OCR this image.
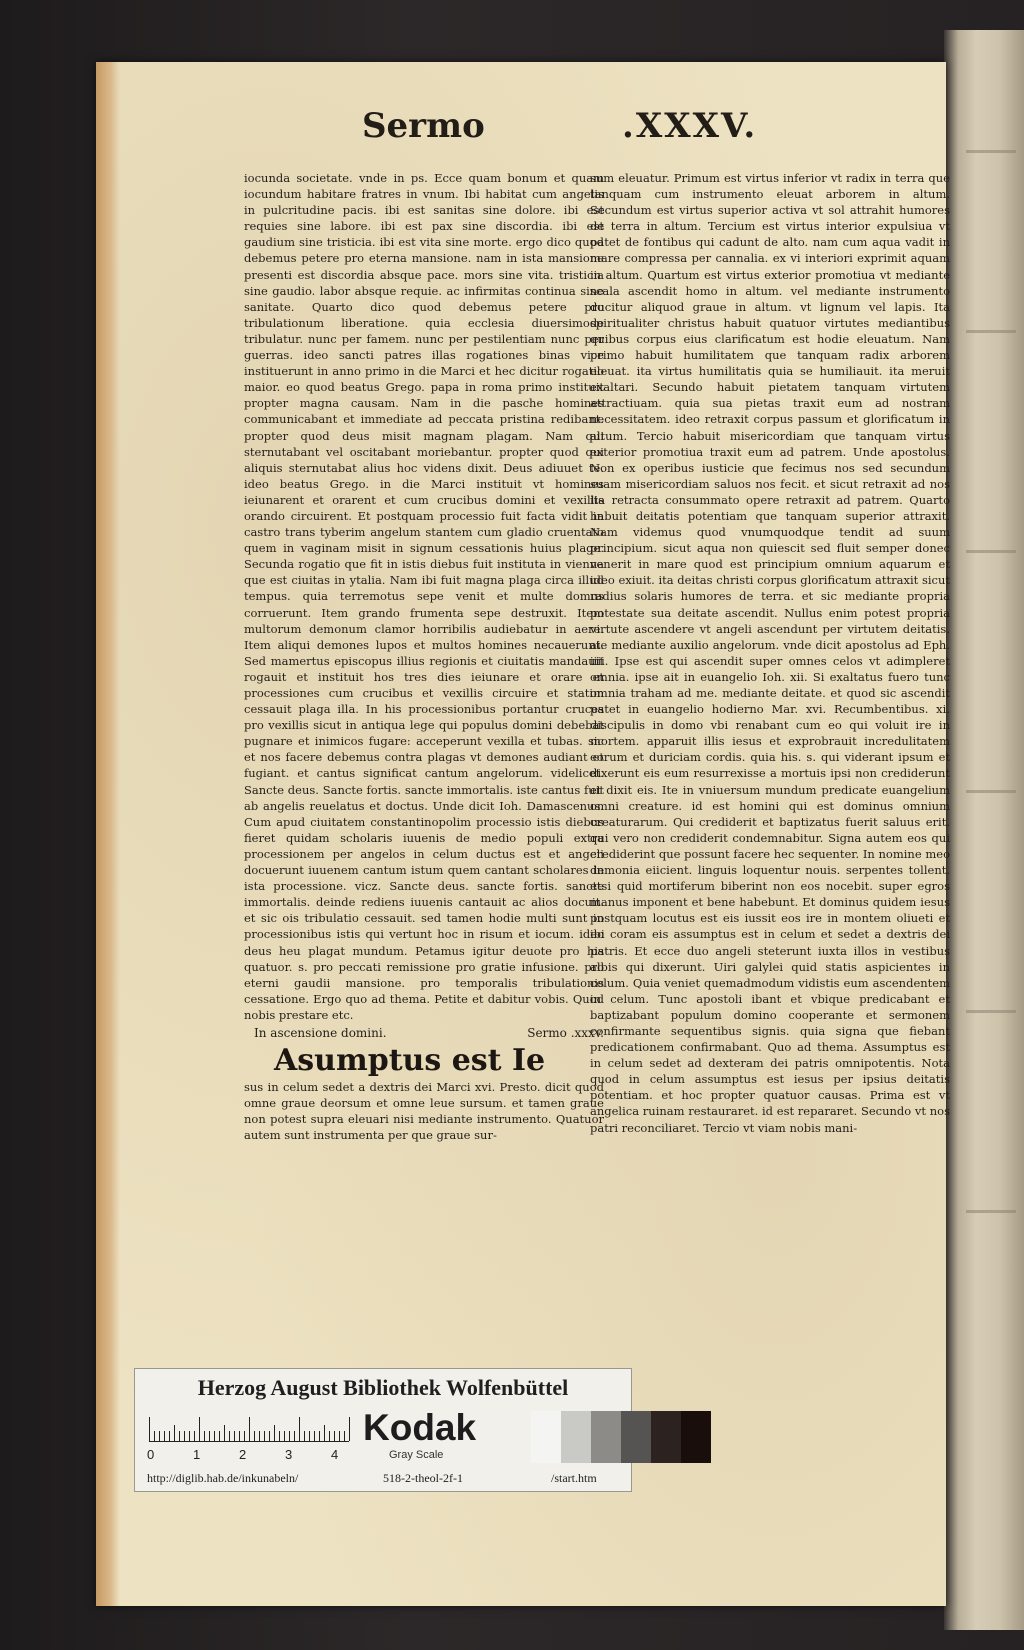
Sermo	.XXXV.

iocunda societate. vnde in ps. Ecce quam bonum et quam iocundum habitare fratres in vnum. Ibi habitat cum angelis in pulcritudine pacis. ibi est sanitas sine dolore. ibi est requies sine labore. ibi est pax sine discordia. ibi est gaudium sine tristicia. ibi est vita sine morte. ergo dico quod debemus petere pro eterna mansione. nam in ista mansione presenti est discordia absque pace. mors sine vita. tristicia sine gaudio. labor absque requie. ac infirmitas continua sine sanitate. Quarto dico quod debemus petere pro tribulationum liberatione. quia ecclesia diuersimode tribulatur. nunc per famem. nunc per pestilentiam nunc per guerras. ideo sancti patres illas rogationes binas vice instituerunt in anno primo in die Marci et hec dicitur rogatio maior. eo quod beatus Grego. papa in roma primo instituit propter magna causam. Nam in die pasche homines communicabant et immediate ad peccata pristina redibant. propter quod deus misit magnam plagam. Nam qui sternutabant vel oscitabant moriebantur. propter quod qui aliquis sternutabat alius hoc videns dixit. Deus adiuuet te. ideo beatus Grego. in die Marci instituit vt homines ieiunarent et orarent et cum crucibus domini et vexillis orando circuirent. Et postquam processio fuit facta vidit in castro trans tyberim angelum stantem cum gladio cruentato quem in vaginam misit in signum cessationis huius plage. Secunda rogatio que fit in istis diebus fuit instituta in vienna que est ciuitas in ytalia. Nam ibi fuit magna plaga circa illud tempus. quia terremotus sepe venit et multe domus corruerunt. Item grando frumenta sepe destruxit. Item multorum demonum clamor horribilis audiebatur in aere. Item aliqui demones lupos et multos homines necauerunt. Sed mamertus episcopus illius regionis et ciuitatis mandauit rogauit et instituit hos tres dies ieiunare et orare et processiones cum crucibus et vexillis circuire et statim cessauit plaga illa. In his processionibus portantur cruces pro vexillis sicut in antiqua lege qui populus domini debebat pugnare et inimicos fugare: acceperunt vexilla et tubas. sic et nos facere debemus contra plagas vt demones audiant et fugiant. et cantus significat cantum angelorum. videlicet. Sancte deus. Sancte fortis. sancte immortalis. iste cantus fuit ab angelis reuelatus et doctus. Unde dicit Ioh. Damascenus. Cum apud ciuitatem constantinopolim processio istis diebus fieret quidam scholaris iuuenis de medio populi extra processionem per angelos in celum ductus est et angeli docuerunt iuuenem cantum istum quem cantant scholares in ista processione. vicz. Sancte deus. sancte fortis. sancte immortalis. deinde rediens iuuenis cantauit ac alios docuit. et sic ois tribulatio cessauit. sed tamen hodie multi sunt in processionibus istis qui vertunt hoc in risum et iocum. ideo deus heu plagat mundum. Petamus igitur deuote pro his quatuor. s. pro peccati remissione pro gratie infusione. pro eterni gaudii mansione. pro temporalis tribulationis cessatione. Ergo quo ad thema. Petite et dabitur vobis. Quod nobis prestare etc.

In ascensione domini.	Sermo .xxxv.
Asumptus est Ie

sus in celum sedet a dextris dei Marci xvi. Presto. dicit quod omne graue deorsum et omne leue sursum. et tamen graue non potest supra eleuari nisi mediante instrumento. Quatuor autem sunt instrumenta per que graue sur-

sum eleuatur. Primum est virtus inferior vt radix in terra que tanquam cum instrumento eleuat arborem in altum. Secundum est virtus superior activa vt sol attrahit humores de terra in altum. Tercium est virtus interior expulsiua vt patet de fontibus qui cadunt de alto. nam cum aqua vadit in mare compressa per cannalia. ex vi interiori exprimit aquam in altum. Quartum est virtus exterior promotiua vt mediante scala ascendit homo in altum. vel mediante instrumento ducitur aliquod graue in altum. vt lignum vel lapis. Ita spiritualiter christus habuit quatuor virtutes mediantibus quibus corpus eius clarificatum est hodie eleuatum. Nam primo habuit humilitatem que tanquam radix arborem eleuat. ita virtus humilitatis quia se humiliauit. ita meruit exaltari. Secundo habuit pietatem tanquam virtutem attractiuam. quia sua pietas traxit eum ad nostram necessitatem. ideo retraxit corpus passum et glorificatum in altum. Tercio habuit misericordiam que tanquam virtus exterior promotiua traxit eum ad patrem. Unde apostolus. Non ex operibus iusticie que fecimus nos sed secundum suam misericordiam saluos nos fecit. et sicut retraxit ad nos ita retracta consummato opere retraxit ad patrem. Quarto habuit deitatis potentiam que tanquam superior attraxit. Nam videmus quod vnumquodque tendit ad suum principium. sicut aqua non quiescit sed fluit semper donec venerit in mare quod est principium omnium aquarum et ideo exiuit. ita deitas christi corpus glorificatum attraxit sicut radius solaris humores de terra. et sic mediante propria potestate sua deitate ascendit. Nullus enim potest propria virtute ascendere vt angeli ascendunt per virtutem deitatis. aie mediante auxilio angelorum. vnde dicit apostolus ad Eph. iiii. Ipse est qui ascendit super omnes celos vt adimpleret omnia. ipse ait in euangelio Ioh. xii. Si exaltatus fuero tunc omnia traham ad me. mediante deitate. et quod sic ascendit patet in euangelio hodierno Mar. xvi. Recumbentibus. xi. discipulis in domo vbi renabant cum eo qui voluit ire in mortem. apparuit illis iesus et exprobrauit incredulitatem eorum et duriciam cordis. quia his. s. qui viderant ipsum et dixerunt eis eum resurrexisse a mortuis ipsi non crediderunt et dixit eis. Ite in vniuersum mundum predicate euangelium omni creature. id est homini qui est dominus omnium creaturarum. Qui crediderit et baptizatus fuerit saluus erit. qui vero non crediderit condemnabitur. Signa autem eos qui crediderint que possunt facere hec sequenter. In nomine meo demonia eiicient. linguis loquentur nouis. serpentes tollent. etsi quid mortiferum biberint non eos nocebit. super egros manus imponent et bene habebunt. Et dominus quidem iesus postquam locutus est eis iussit eos ire in montem oliueti et ibi coram eis assumptus est in celum et sedet a dextris dei patris. Et ecce duo angeli steterunt iuxta illos in vestibus albis qui dixerunt. Uiri galylei quid statis aspicientes in celum. Quia veniet quemadmodum vidistis eum ascendentem in celum. Tunc apostoli ibant et vbique predicabant et baptizabant populum domino cooperante et sermonem confirmante sequentibus signis. quia signa que fiebant predicationem confirmabant. Quo ad thema. Assumptus est in celum sedet ad dexteram dei patris omnipotentis. Nota quod in celum assumptus est iesus per ipsius deitatis potentiam. et hoc propter quatuor causas. Prima est vt angelica ruinam restauraret. id est repararet. Secundo vt nos patri reconciliaret. Tercio vt viam nobis mani-

Herzog August Bibliothek Wolfenbüttel
0	1	2	3	4
Kodak
Gray Scale
http://diglib.hab.de/inkunabeln/	518-2-theol-2f-1	/start.htm
